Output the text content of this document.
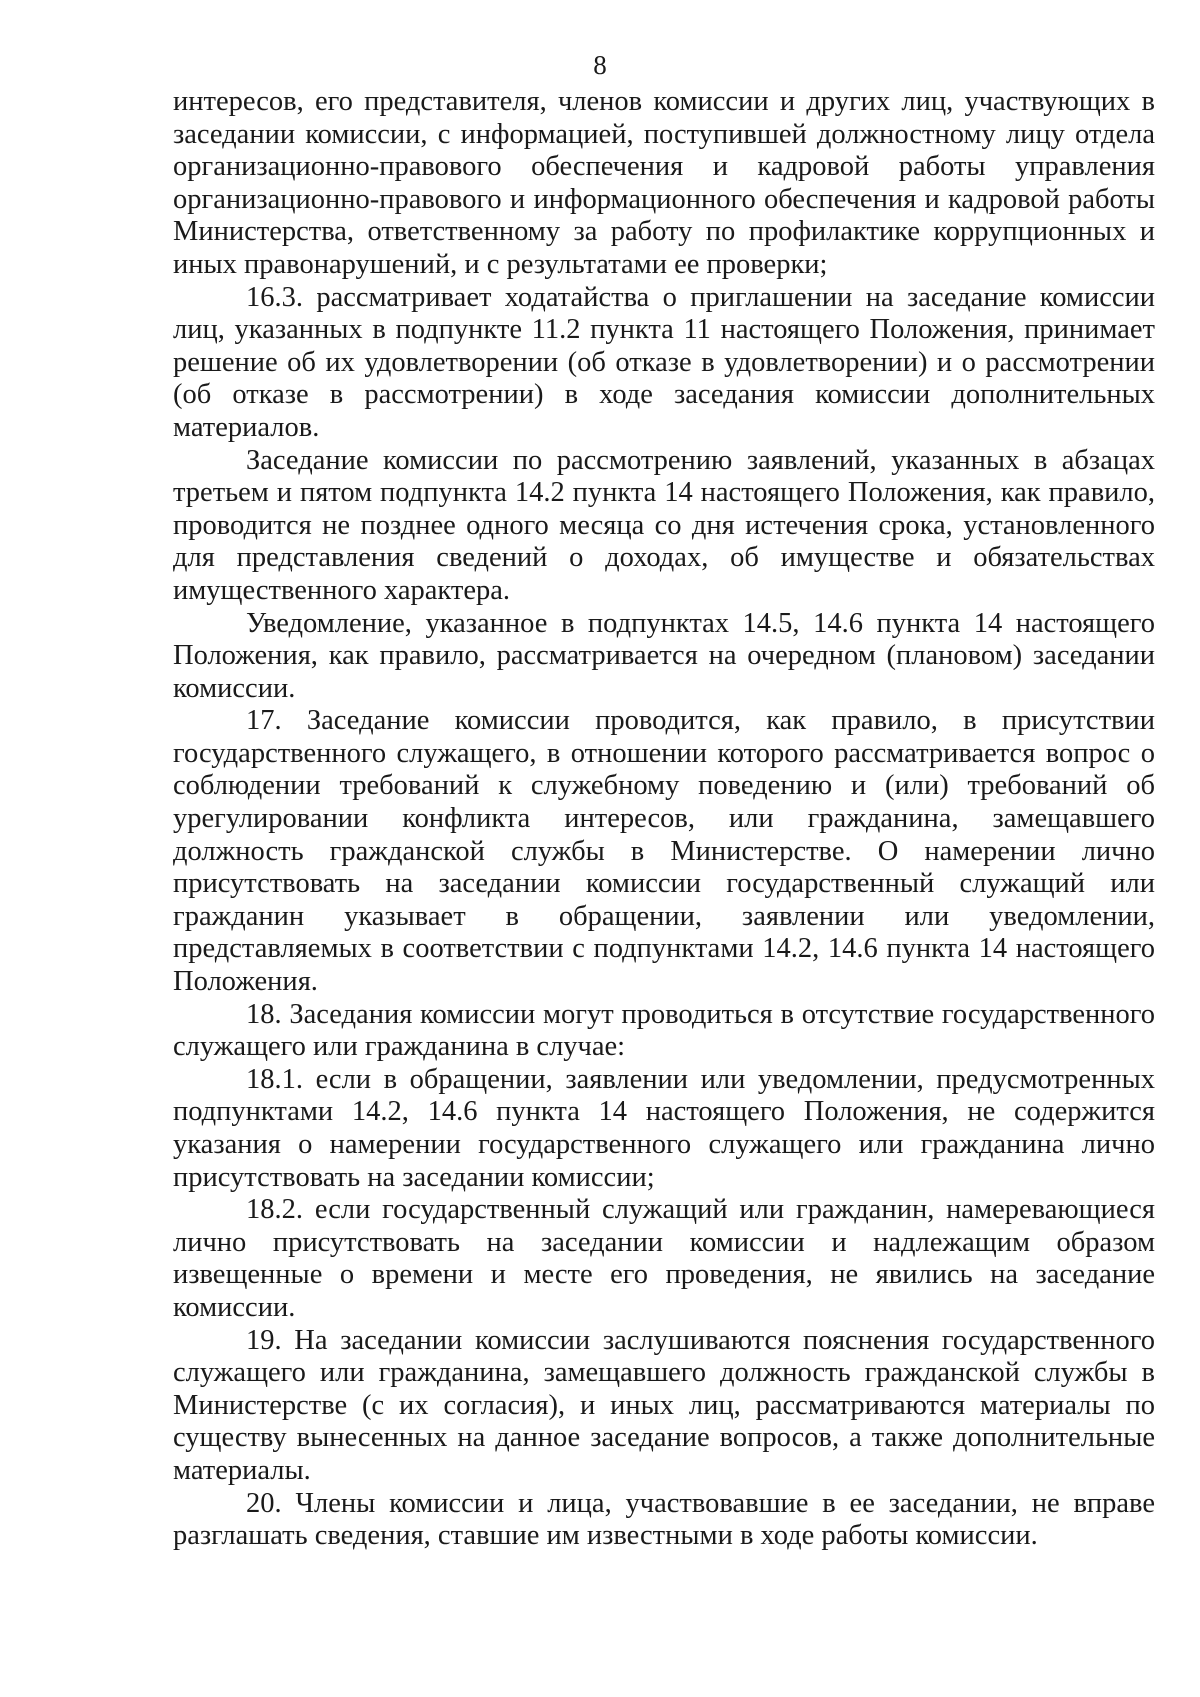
8

интересов, его представителя, членов комиссии и других лиц, участвующих в заседании комиссии, с информацией, поступившей должностному лицу отдела организационно-правового обеспечения и кадровой работы управления организационно-правового и информационного обеспечения и кадровой работы Министерства, ответственному за работу по профилактике коррупционных и иных правонарушений, и с результатами ее проверки;

16.3. рассматривает ходатайства о приглашении на заседание комиссии лиц, указанных в подпункте 11.2 пункта 11 настоящего Положения, принимает решение об их удовлетворении (об отказе в удовлетворении) и о рассмотрении (об отказе в рассмотрении) в ходе заседания комиссии дополнительных материалов.

Заседание комиссии по рассмотрению заявлений, указанных в абзацах третьем и пятом подпункта 14.2 пункта 14 настоящего Положения, как правило, проводится не позднее одного месяца со дня истечения срока, установленного для представления сведений о доходах, об имуществе и обязательствах имущественного характера.

Уведомление, указанное в подпунктах 14.5, 14.6 пункта 14 настоящего Положения, как правило, рассматривается на очередном (плановом) заседании комиссии.

17. Заседание комиссии проводится, как правило, в присутствии государственного служащего, в отношении которого рассматривается вопрос о соблюдении требований к служебному поведению и (или) требований об урегулировании конфликта интересов, или гражданина, замещавшего должность гражданской службы в Министерстве. О намерении лично присутствовать на заседании комиссии государственный служащий или гражданин указывает в обращении, заявлении или уведомлении, представляемых в соответствии с подпунктами 14.2, 14.6 пункта 14 настоящего Положения.

18. Заседания комиссии могут проводиться в отсутствие государственного служащего или гражданина в случае:

18.1. если в обращении, заявлении или уведомлении, предусмотренных подпунктами 14.2, 14.6 пункта 14 настоящего Положения, не содержится указания о намерении государственного служащего или гражданина лично присутствовать на заседании комиссии;

18.2. если государственный служащий или гражданин, намеревающиеся лично присутствовать на заседании комиссии и надлежащим образом извещенные о времени и месте его проведения, не явились на заседание комиссии.

19. На заседании комиссии заслушиваются пояснения государственного служащего или гражданина, замещавшего должность гражданской службы в Министерстве (с их согласия), и иных лиц, рассматриваются материалы по существу вынесенных на данное заседание вопросов, а также дополнительные материалы.

20. Члены комиссии и лица, участвовавшие в ее заседании, не вправе разглашать сведения, ставшие им известными в ходе работы комиссии.
